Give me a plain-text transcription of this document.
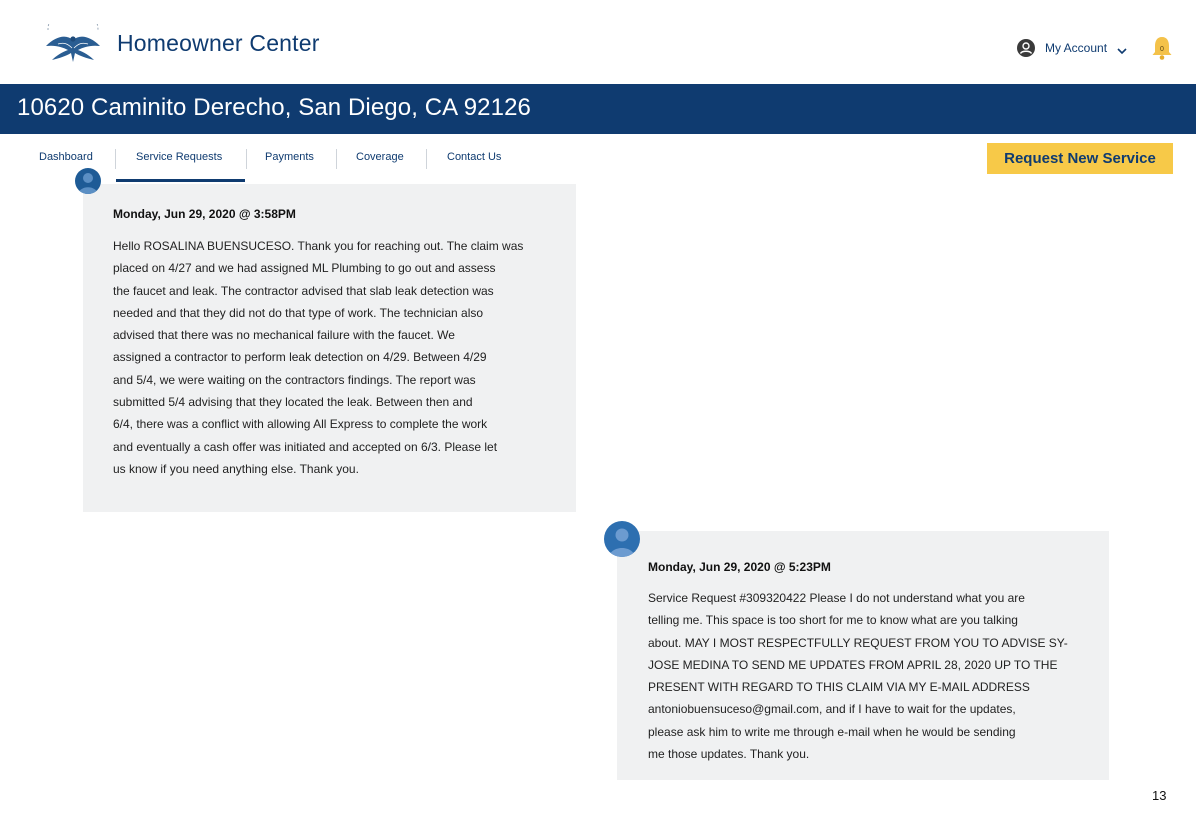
Homeowner Center	My Account	0
10620 Caminito Derecho, San Diego, CA 92126
Dashboard	Service Requests	Payments	Coverage	Contact Us	Request New Service
Monday, Jun 29, 2020 @ 3:58PM
Hello ROSALINA BUENSUCESO. Thank you for reaching out. The claim was
placed on 4/27 and we had assigned ML Plumbing to go out and assess
the faucet and leak. The contractor advised that slab leak detection was
needed and that they did not do that type of work. The technician also
advised that there was no mechanical failure with the faucet. We
assigned a contractor to perform leak detection on 4/29. Between 4/29
and 5/4, we were waiting on the contractors findings. The report was
submitted 5/4 advising that they located the leak. Between then and
6/4, there was a conflict with allowing All Express to complete the work
and eventually a cash offer was initiated and accepted on 6/3. Please let
us know if you need anything else. Thank you.
Monday, Jun 29, 2020 @ 5:23PM
Service Request #309320422 Please I do not understand what you are
telling me. This space is too short for me to know what are you talking
about. MAY I MOST RESPECTFULLY REQUEST FROM YOU TO ADVISE SY-
JOSE MEDINA TO SEND ME UPDATES FROM APRIL 28, 2020 UP TO THE
PRESENT WITH REGARD TO THIS CLAIM VIA MY E-MAIL ADDRESS
antoniobuensuceso@gmail.com, and if I have to wait for the updates,
please ask him to write me through e-mail when he would be sending
me those updates. Thank you.
13
